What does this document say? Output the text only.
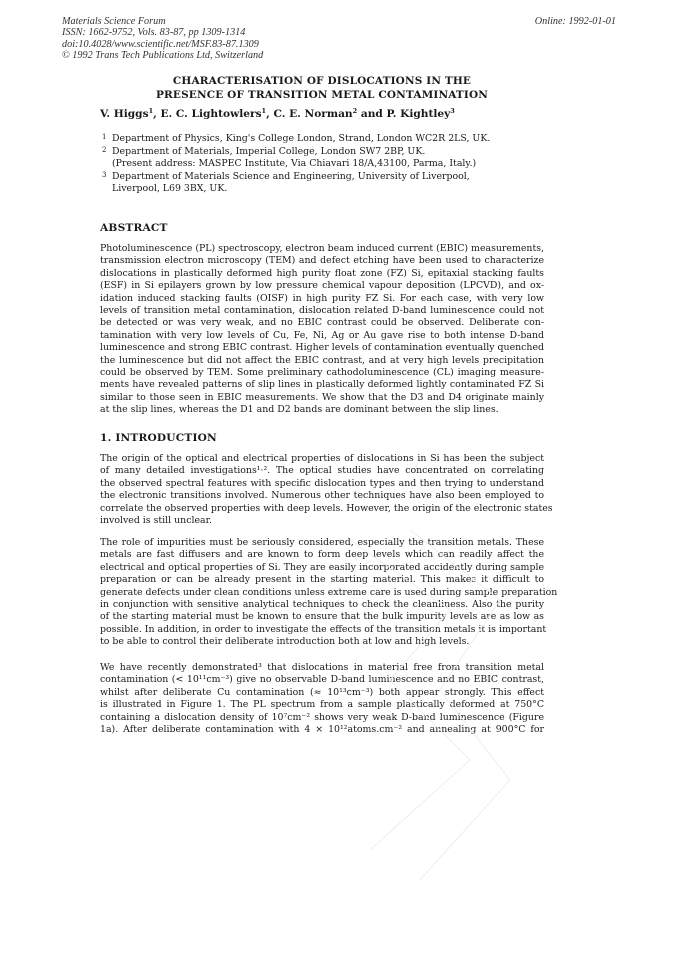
Materials Science Forum
ISSN: 1662-9752, Vols. 83-87, pp 1309-1314
doi:10.4028/www.scientific.net/MSF.83-87.1309
© 1992 Trans Tech Publications Ltd, Switzerland
Online: 1992-01-01
CHARACTERISATION OF DISLOCATIONS IN THE
PRESENCE OF TRANSITION METAL CONTAMINATION
V. Higgs$^1$, E. C. Lightowlers$^1$, C. E. Norman$^2$ and P. Kightley$^3$
1 Department of Physics, King's College London, Strand, London WC2R 2LS, UK.
2 Department of Materials, Imperial College, London SW7 2BP, UK.
(Present address: MASPEC Institute, Via Chiavari 18/A,43100, Parma, Italy.)
3 Department of Materials Science and Engineering, University of Liverpool,
Liverpool, L69 3BX, UK.
ABSTRACT
Photoluminescence (PL) spectroscopy, electron beam induced current (EBIC) measurements,
transmission electron microscopy (TEM) and defect etching have been used to characterize
dislocations in plastically deformed high purity float zone (FZ) Si, epitaxial stacking faults
(ESF) in Si epilayers grown by low pressure chemical vapour deposition (LPCVD), and ox-
idation induced stacking faults (OISF) in high purity FZ Si. For each case, with very low
levels of transition metal contamination, dislocation related D-band luminescence could not
be detected or was very weak, and no EBIC contrast could be observed. Deliberate con-
tamination with very low levels of Cu, Fe, Ni, Ag or Au gave rise to both intense D-band
luminescence and strong EBIC contrast. Higher levels of contamination eventually quenched
the luminescence but did not affect the EBIC contrast, and at very high levels precipitation
could be observed by TEM. Some preliminary cathodoluminescence (CL) imaging measure-
ments have revealed patterns of slip lines in plastically deformed lightly contaminated FZ Si
similar to those seen in EBIC measurements. We show that the D3 and D4 originate mainly
at the slip lines, whereas the D1 and D2 bands are dominant between the slip lines.
1. INTRODUCTION
The origin of the optical and electrical properties of dislocations in Si has been the subject
of many detailed investigations¹·². The optical studies have concentrated on correlating
the observed spectral features with specific dislocation types and then trying to understand
the electronic transitions involved. Numerous other techniques have also been employed to
correlate the observed properties with deep levels. However, the origin of the electronic states
involved is still unclear.
The role of impurities must be seriously considered, especially the transition metals. These
metals are fast diffusers and are known to form deep levels which can readily affect the
electrical and optical properties of Si. They are easily incorporated accidently during sample
preparation or can be already present in the starting material. This makes it difficult to
generate defects under clean conditions unless extreme care is used during sample preparation
in conjunction with sensitive analytical techniques to check the cleanliness. Also the purity
of the starting material must be known to ensure that the bulk impurity levels are as low as
possible. In addition, in order to investigate the effects of the transition metals it is important
to be able to control their deliberate introduction both at low and high levels.
We have recently demonstrated³ that dislocations in material free from transition metal
contamination (< 10¹¹cm⁻³) give no observable D-band luminescence and no EBIC contrast,
whilst after deliberate Cu contamination (≈ 10¹³cm⁻³) both appear strongly. This effect
is illustrated in Figure 1. The PL spectrum from a sample plastically deformed at 750°C
containing a dislocation density of 10⁷cm⁻² shows very weak D-band luminescence (Figure
1a). After deliberate contamination with 4 × 10¹²atoms.cm⁻² and annealing at 900°C for
